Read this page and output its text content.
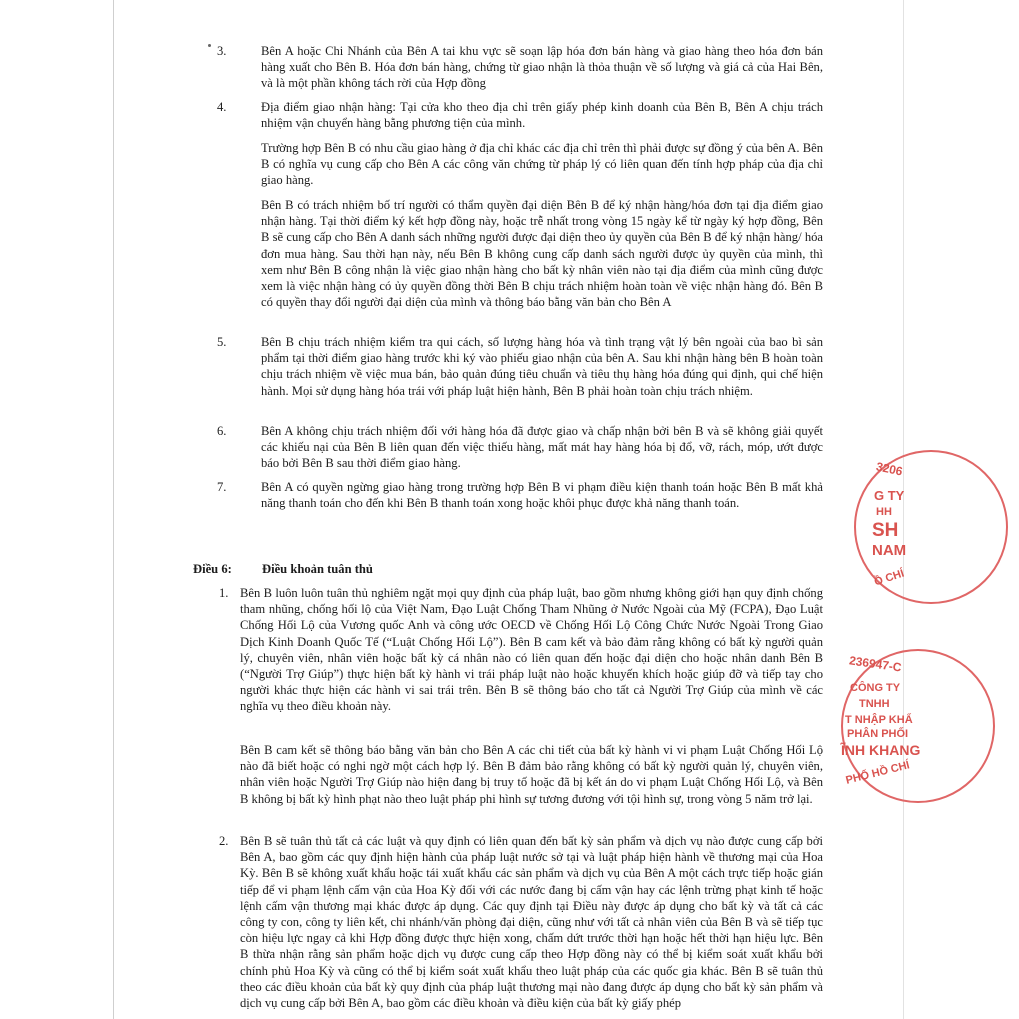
3.	Bên A hoặc Chi Nhánh của Bên A tai khu vực sẽ soạn lập hóa đơn bán hàng và giao hàng theo hóa đơn bán hàng xuất cho Bên B. Hóa đơn bán hàng, chứng từ giao nhận là thỏa thuận về số lượng và giá cả của Hai Bên, và là một phần không tách rời của Hợp đồng
4.	Địa điểm giao nhận hàng: Tại cửa kho theo địa chỉ trên giấy phép kinh doanh của Bên B, Bên A chịu trách nhiệm vận chuyển hàng bằng phương tiện của mình.
Trường hợp Bên B có nhu cầu giao hàng ở địa chỉ khác các địa chỉ trên thì phải được sự đồng ý của bên A. Bên B có nghĩa vụ cung cấp cho Bên A các công văn chứng từ pháp lý có liên quan đến tính hợp pháp của địa chỉ giao hàng.
Bên B có trách nhiệm bố trí người có thẩm quyền đại diện Bên B để ký nhận hàng/hóa đơn tại địa điểm giao nhận hàng. Tại thời điểm ký kết hợp đồng này, hoặc trễ nhất trong vòng 15 ngày kể từ ngày ký hợp đồng, Bên B sẽ cung cấp cho Bên A danh sách những người được đại diện theo ủy quyền của Bên B để ký nhận hàng/ hóa đơn mua hàng. Sau thời hạn này, nếu Bên B không cung cấp danh sách người được ủy quyền của mình, thì xem như Bên B công nhận là việc giao nhận hàng cho bất kỳ nhân viên nào tại địa điểm của mình cũng được xem là việc nhận hàng có ủy quyền đồng thời Bên B chịu trách nhiệm hoàn toàn về việc nhận hàng đó. Bên B có quyền thay đổi người đại diện của mình và thông báo bằng văn bản cho Bên A
5.	Bên B chịu trách nhiệm kiểm tra qui cách, số lượng hàng hóa và tình trạng vật lý bên ngoài của bao bì sản phẩm tại thời điểm giao hàng trước khi ký vào phiếu giao nhận của bên A. Sau khi nhận hàng bên B hoàn toàn chịu trách nhiệm về việc mua bán, bảo quản đúng tiêu chuẩn và tiêu thụ hàng hóa đúng qui định, qui chế hiện hành. Mọi sử dụng hàng hóa trái với pháp luật hiện hành, Bên B phải hoàn toàn chịu trách nhiệm.
6.	Bên A không chịu trách nhiệm đối với hàng hóa đã được giao và chấp nhận bởi bên B và sẽ không giải quyết các khiếu nại của Bên B liên quan đến việc thiếu hàng, mất mát hay hàng hóa bị đổ, vỡ, rách, móp, ướt được báo bởi Bên B sau thời điểm giao hàng.
7.	Bên A có quyền ngừng giao hàng trong trường hợp Bên B vi phạm điều kiện thanh toán hoặc Bên B mất khả năng thanh toán cho đến khi Bên B thanh toán xong hoặc khôi phục được khả năng thanh toán.
Điều 6: Điều khoản tuân thủ
1. Bên B luôn luôn tuân thủ nghiêm ngặt mọi quy định của pháp luật, bao gồm nhưng không giới hạn quy định chống tham nhũng, chống hối lộ của Việt Nam, Đạo Luật Chống Tham Nhũng ở Nước Ngoài của Mỹ (FCPA), Đạo Luật Chống Hối Lộ của Vương quốc Anh và công ước OECD về Chống Hối Lộ Công Chức Nước Ngoài Trong Giao Dịch Kinh Doanh Quốc Tế (“Luật Chống Hối Lộ”). Bên B cam kết và bảo đảm rằng không có bất kỳ người quản lý, chuyên viên, nhân viên hoặc bất kỳ cá nhân nào có liên quan đến hoặc đại diện cho hoặc nhân danh Bên B (“Người Trợ Giúp”) thực hiện bất kỳ hành vi trái pháp luật nào hoặc khuyến khích hoặc giúp đỡ và tiếp tay cho người khác thực hiện các hành vi sai trái trên. Bên B sẽ thông báo cho tất cả Người Trợ Giúp của mình về các nghĩa vụ theo điều khoản này.
Bên B cam kết sẽ thông báo bằng văn bản cho Bên A các chi tiết của bất kỳ hành vi vi phạm Luật Chống Hối Lộ nào đã biết hoặc có nghi ngờ một cách hợp lý. Bên B đảm bảo rằng không có bất kỳ người quản lý, chuyên viên, nhân viên hoặc Người Trợ Giúp nào hiện đang bị truy tố hoặc đã bị kết án do vi phạm Luật Chống Hối Lộ, và Bên B không bị bất kỳ hình phạt nào theo luật pháp phi hình sự tương đương với tội hình sự, trong vòng 5 năm trở lại.
2. Bên B sẽ tuân thủ tất cả các luật và quy định có liên quan đến bất kỳ sản phẩm và dịch vụ nào được cung cấp bởi Bên A, bao gồm các quy định hiện hành của pháp luật nước sở tại và luật pháp hiện hành về thương mại của Hoa Kỳ. Bên B sẽ không xuất khẩu hoặc tái xuất khẩu các sản phẩm và dịch vụ của Bên A một cách trực tiếp hoặc gián tiếp để vi phạm lệnh cấm vận của Hoa Kỳ đối với các nước đang bị cấm vận hay các lệnh trừng phạt kinh tế hoặc lệnh cấm vận thương mại khác được áp dụng. Các quy định tại Điều này được áp dụng cho bất kỳ và tất cả các công ty con, công ty liên kết, chi nhánh/văn phòng đại diện, cũng như với tất cả nhân viên của Bên B và sẽ tiếp tục còn hiệu lực ngay cả khi Hợp đồng được thực hiện xong, chấm dứt trước thời hạn hoặc hết thời hạn hiệu lực. Bên B thừa nhận rằng sản phẩm hoặc dịch vụ được cung cấp theo Hợp đồng này có thể bị kiểm soát xuất khẩu bởi chính phủ Hoa Kỳ và cũng có thể bị kiểm soát xuất khẩu theo luật pháp của các quốc gia khác. Bên B sẽ tuân thủ theo các điều khoản của bất kỳ quy định của pháp luật thương mại nào đang được áp dụng cho bất kỳ sản phẩm và dịch vụ cung cấp bởi Bên A, bao gồm các điều khoản và điều kiện của bất kỳ giấy phép
3206
G TY
HH
SH
NAM
Ồ CHÍ
236947-C
CÔNG TY
TNHH
T NHẬP KHẨ
PHÂN PHỐI
ĨNH KHANG
PHỐ HỒ CHÍ
